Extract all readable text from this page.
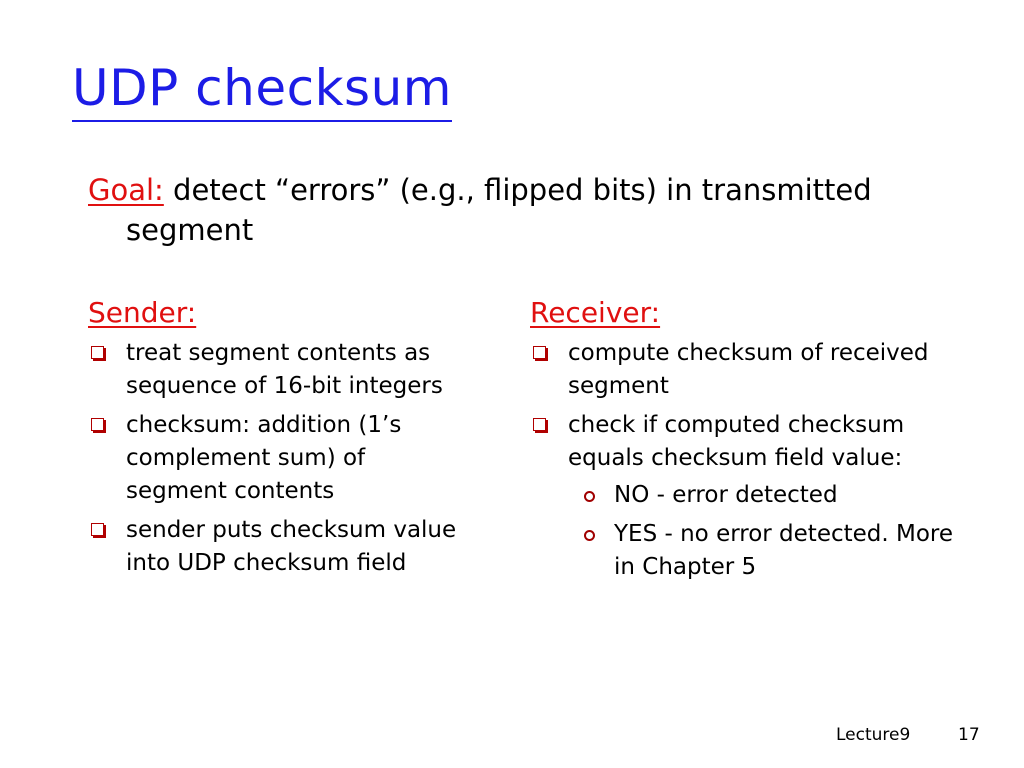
UDP checksum
Goal: detect “errors” (e.g., flipped bits) in transmitted
segment
Sender:
treat segment contents as sequence of 16-bit integers
checksum: addition (1’s complement sum) of segment contents
sender puts checksum value into UDP checksum field
Receiver:
compute checksum of received segment
check if computed checksum equals checksum field value:
NO - error detected
YES - no error detected. More in Chapter 5
Lecture9	17
